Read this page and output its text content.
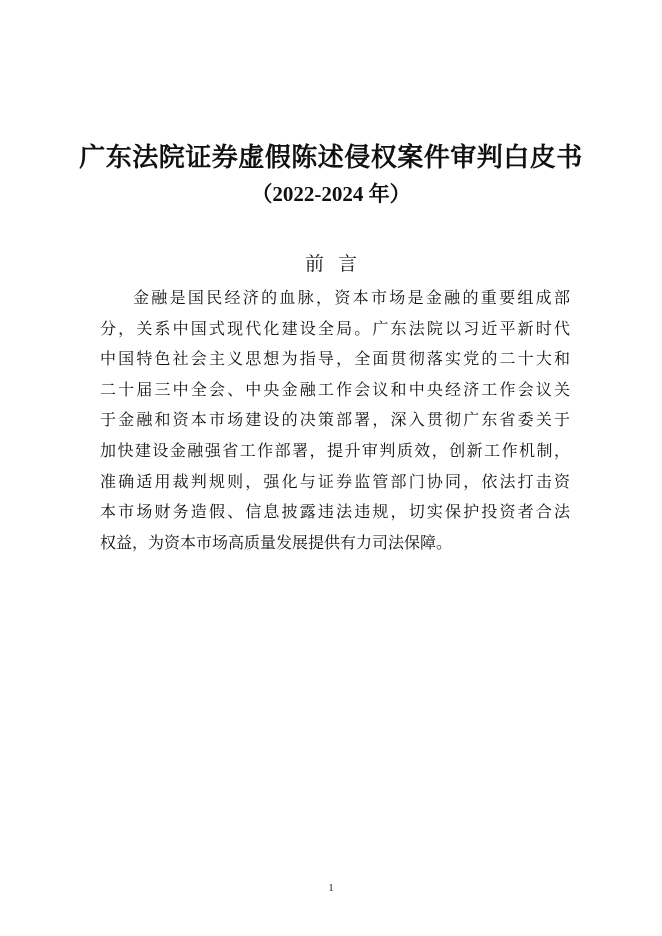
广东法院证券虚假陈述侵权案件审判白皮书
（2022-2024 年）
前言
金融是国民经济的血脉，资本市场是金融的重要组成部
分，关系中国式现代化建设全局。广东法院以习近平新时代
中国特色社会主义思想为指导，全面贯彻落实党的二十大和
二十届三中全会、中央金融工作会议和中央经济工作会议关
于金融和资本市场建设的决策部署，深入贯彻广东省委关于
加快建设金融强省工作部署，提升审判质效，创新工作机制，
准确适用裁判规则，强化与证券监管部门协同，依法打击资
本市场财务造假、信息披露违法违规，切实保护投资者合法
权益，为资本市场高质量发展提供有力司法保障。
1
